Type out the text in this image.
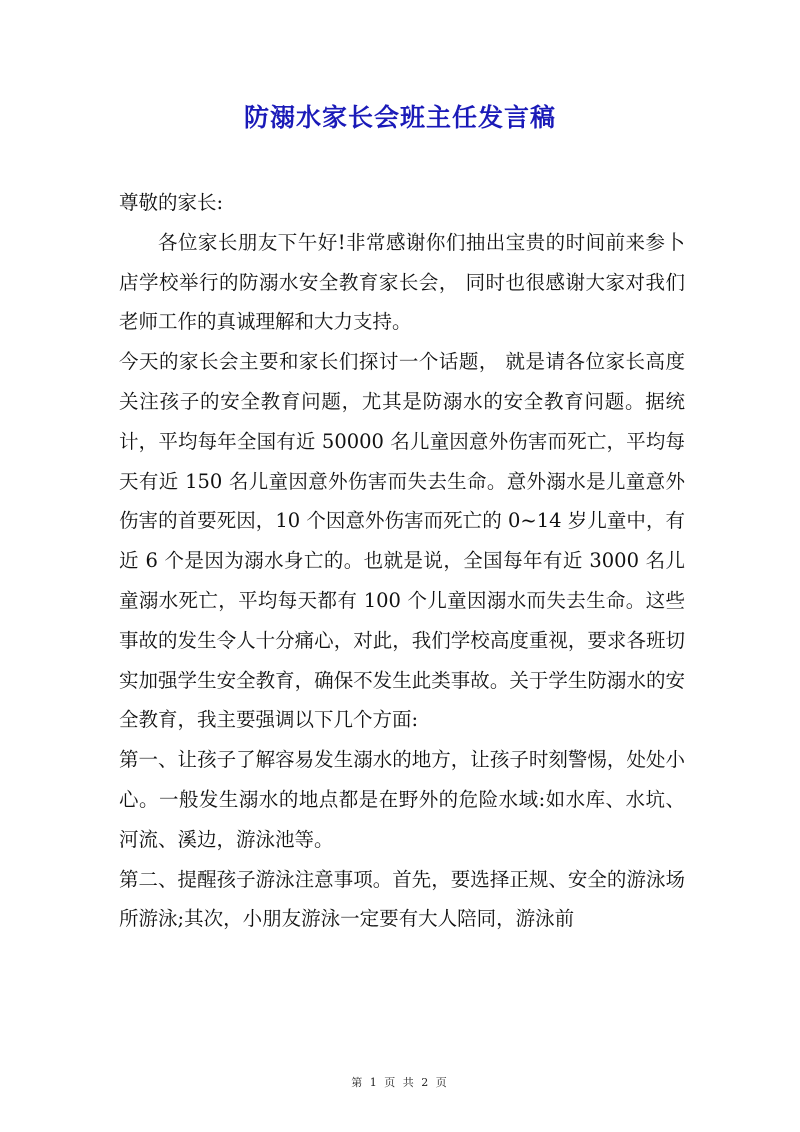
防溺水家长会班主任发言稿

尊敬的家长:

各位家长朋友下午好!非常感谢你们抽出宝贵的时间前来参卜店学校举行的防溺水安全教育家长会， 同时也很感谢大家对我们老师工作的真诚理解和大力支持。

今天的家长会主要和家长们探讨一个话题， 就是请各位家长高度关注孩子的安全教育问题，尤其是防溺水的安全教育问题。据统计，平均每年全国有近 50000 名儿童因意外伤害而死亡，平均每天有近 150 名儿童因意外伤害而失去生命。意外溺水是儿童意外伤害的首要死因，10 个因意外伤害而死亡的 0~14 岁儿童中，有近 6 个是因为溺水身亡的。也就是说，全国每年有近 3000 名儿童溺水死亡，平均每天都有 100 个儿童因溺水而失去生命。这些事故的发生令人十分痛心，对此，我们学校高度重视，要求各班切实加强学生安全教育，确保不发生此类事故。关于学生防溺水的安全教育，我主要强调以下几个方面:

第一、让孩子了解容易发生溺水的地方，让孩子时刻警惕，处处小心。一般发生溺水的地点都是在野外的危险水域:如水库、水坑、河流、溪边，游泳池等。

第二、提醒孩子游泳注意事项。首先，要选择正规、安全的游泳场所游泳;其次，小朋友游泳一定要有大人陪同，游泳前

第 1 页 共 2 页
